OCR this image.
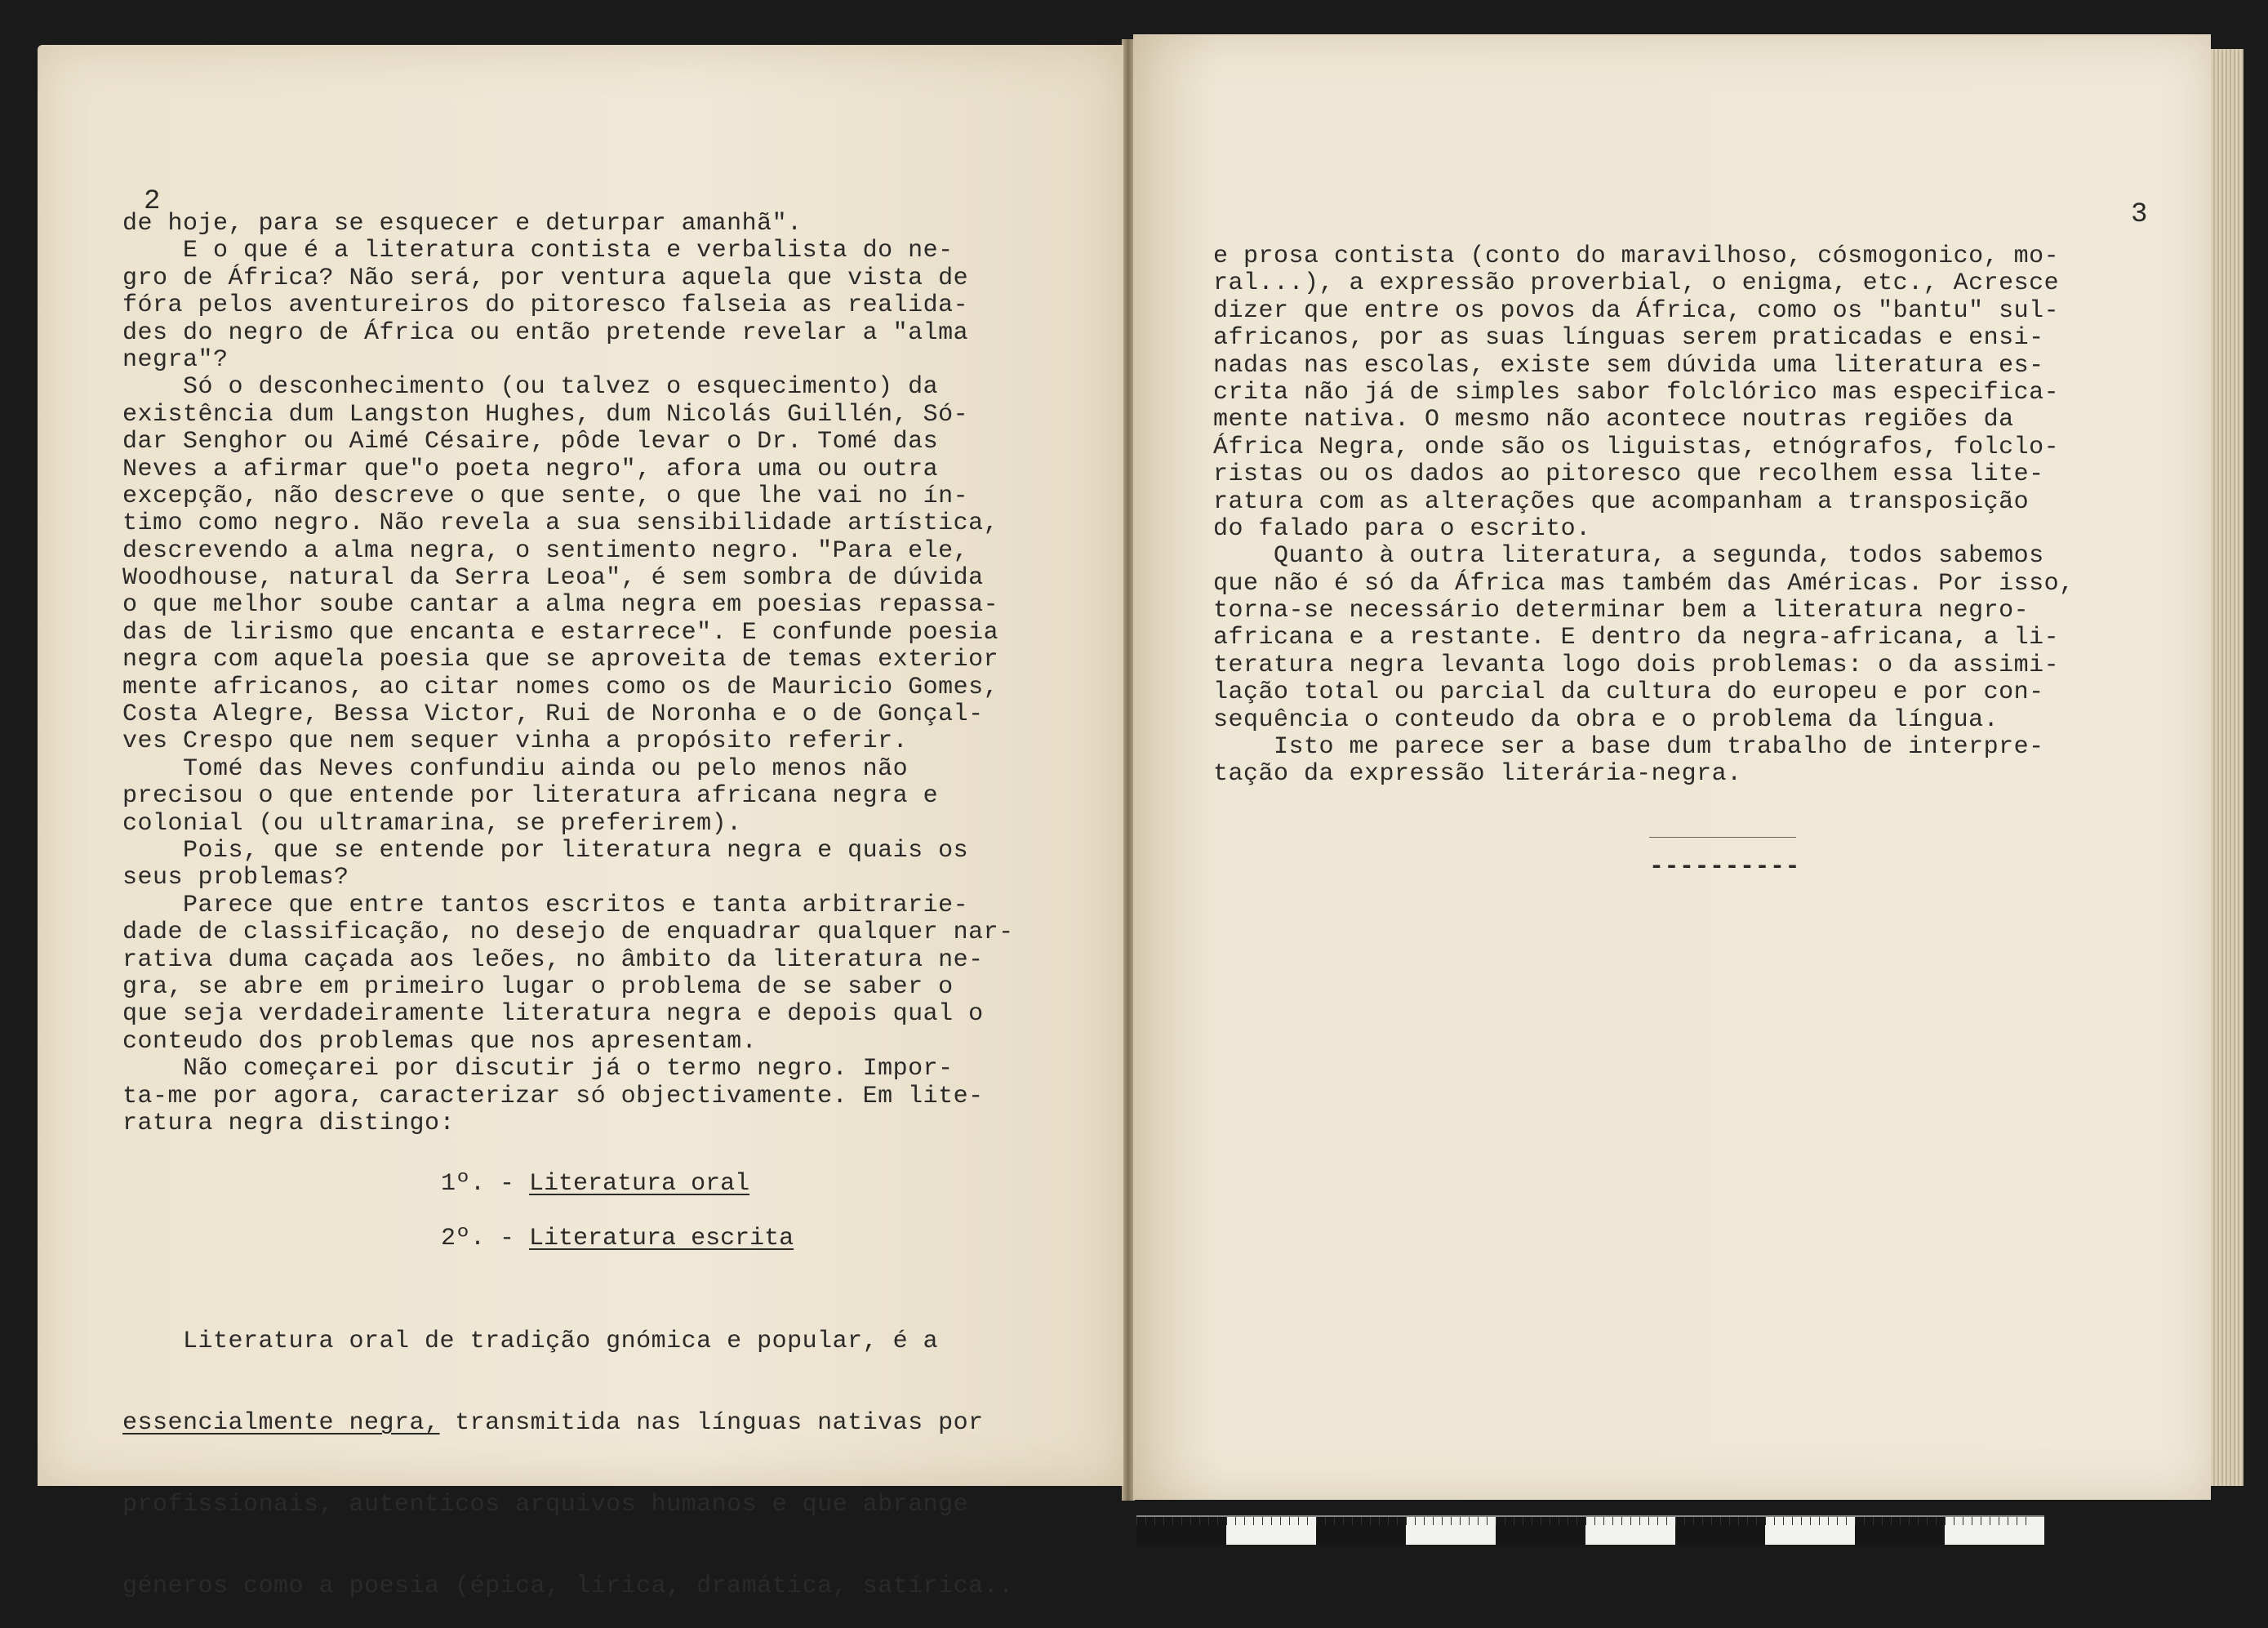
2
de hoje, para se esquecer e deturpar amanhã".
E o que é a literatura contista e verbalista do ne-
gro de África? Não será, por ventura aquela que vista de
fóra pelos aventureiros do pitoresco falseia as realida-
des do negro de África ou então pretende revelar a "alma
negra"?
Só o desconhecimento (ou talvez o esquecimento) da
existência dum Langston Hughes, dum Nicolás Guillén, Só-
dar Senghor ou Aimé Césaire, pôde levar o Dr. Tomé das
Neves a afirmar que"o poeta negro", afora uma ou outra
excepção, não descreve o que sente, o que lhe vai no ín-
timo como negro. Não revela a sua sensibilidade artística,
descrevendo a alma negra, o sentimento negro. "Para ele,
Woodhouse, natural da Serra Leoa", é sem sombra de dúvida
o que melhor soube cantar a alma negra em poesias repassa-
das de lirismo que encanta e estarrece". E confunde poesia
negra com aquela poesia que se aproveita de temas exterior
mente africanos, ao citar nomes como os de Mauricio Gomes,
Costa Alegre, Bessa Victor, Rui de Noronha e o de Gonçal-
ves Crespo que nem sequer vinha a propósito referir.
Tomé das Neves confundiu ainda ou pelo menos não
precisou o que entende por literatura africana negra e
colonial (ou ultramarina, se preferirem).
Pois, que se entende por literatura negra e quais os
seus problemas?
Parece que entre tantos escritos e tanta arbitrarie-
dade de classificação, no desejo de enquadrar qualquer nar-
rativa duma caçada aos leões, no âmbito da literatura ne-
gra, se abre em primeiro lugar o problema de se saber o
que seja verdadeiramente literatura negra e depois qual o
conteudo dos problemas que nos apresentam.
Não começarei por discutir já o termo negro. Impor-
ta-me por agora, caracterizar só objectivamente. Em lite-
ratura negra distingo:
1º. - Literatura oral
2º. - Literatura escrita

Literatura oral de tradição gnómica e popular, é a

essencialmente negra, transmitida nas línguas nativas por

profissionais, autenticos arquivos humanos e que abrange

géneros como a poesia (épica, lírica, dramática, satírica..

3
e prosa contista (conto do maravilhoso, cósmogonico, mo-
ral...), a expressão proverbial, o enigma, etc., Acresce
dizer que entre os povos da África, como os "bantu" sul-
africanos, por as suas línguas serem praticadas e ensi-
nadas nas escolas, existe sem dúvida uma literatura es-
crita não já de simples sabor folclórico mas especifica-
mente nativa. O mesmo não acontece noutras regiões da
África Negra, onde são os liguistas, etnógrafos, folclo-
ristas ou os dados ao pitoresco que recolhem essa lite-
ratura com as alterações que acompanham a transposição
do falado para o escrito.
Quanto à outra literatura, a segunda, todos sabemos
que não é só da África mas também das Américas. Por isso,
torna-se necessário determinar bem a literatura negro-
africana e a restante. E dentro da negra-africana, a li-
teratura negra levanta logo dois problemas: o da assimi-
lação total ou parcial da cultura do europeu e por con-
sequência o conteudo da obra e o problema da língua.
Isto me parece ser a base dum trabalho de interpre-
tação da expressão literária-negra.
----------
